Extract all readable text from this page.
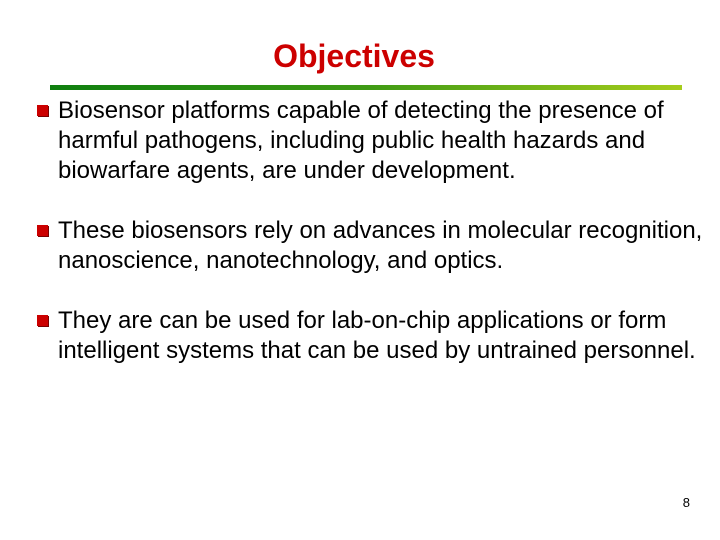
Objectives
Biosensor platforms capable of detecting the presence of harmful pathogens, including public health hazards and biowarfare agents, are under development.
These biosensors rely on advances in molecular recognition, nanoscience, nanotechnology, and optics.
They are can be used for lab-on-chip applications or form intelligent systems that can be used by untrained personnel.
8
